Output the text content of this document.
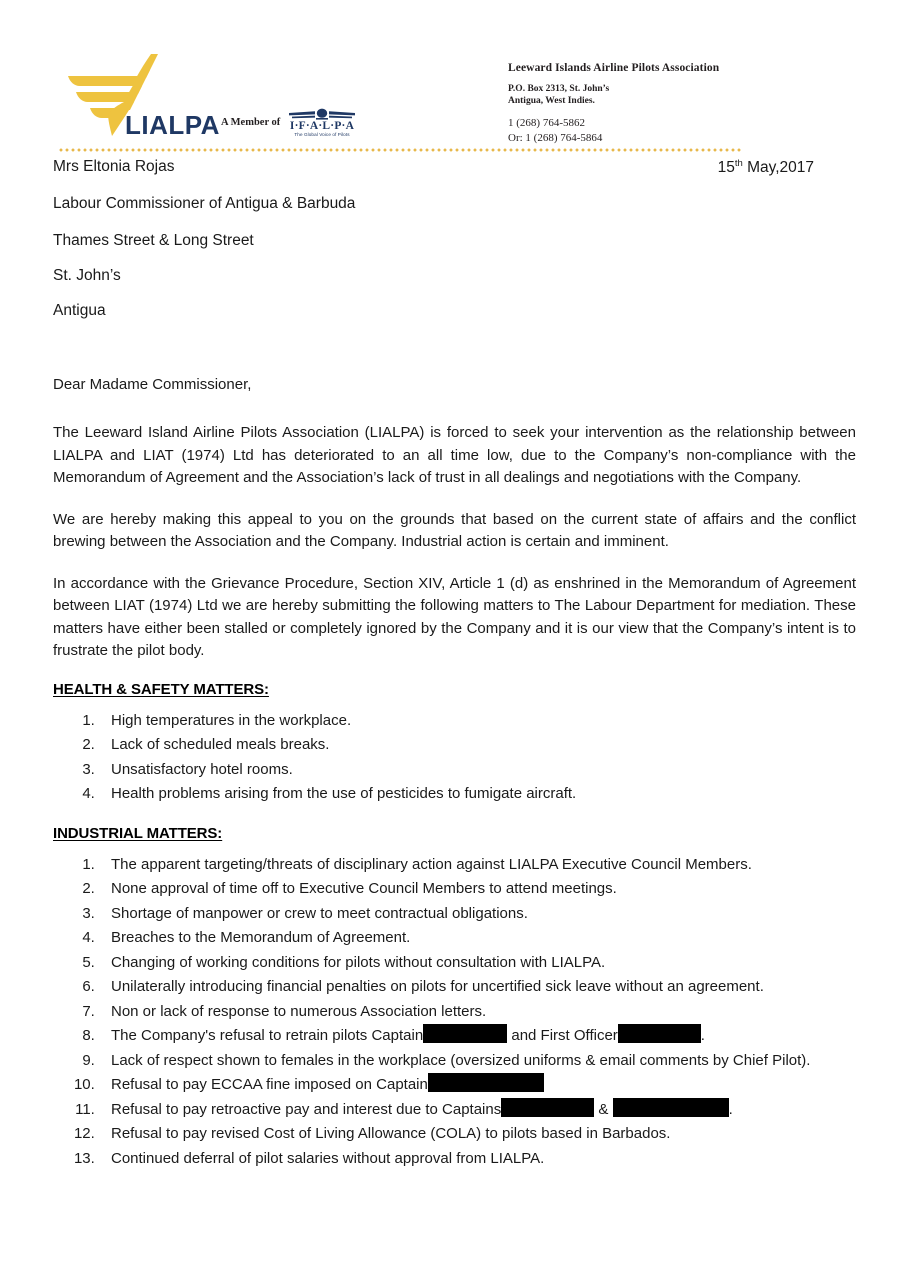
LIALPA A Member of I·F·A·L·P·A
The Global Voice of Pilots
Leeward Islands Airline Pilots Association
P.O. Box 2313, St. John’s
Antigua, West Indies.
1 (268) 764-5862
Or: 1 (268) 764-5864
Mrs Eltonia Rojas	15th May,2017
Labour Commissioner of Antigua & Barbuda
Thames Street & Long Street
St. John’s
Antigua
Dear Madame Commissioner,

The Leeward Island Airline Pilots Association (LIALPA) is forced to seek your intervention as the relationship between LIALPA and LIAT (1974) Ltd has deteriorated to an all time low, due to the Company’s non-compliance with the Memorandum of Agreement and the Association’s lack of trust in all dealings and negotiations with the Company.

We are hereby making this appeal to you on the grounds that based on the current state of affairs and the conflict brewing between the Association and the Company. Industrial action is certain and imminent.

In accordance with the Grievance Procedure, Section XIV, Article 1 (d) as enshrined in the Memorandum of Agreement between LIAT (1974) Ltd we are hereby submitting the following matters to The Labour Department for mediation. These matters have either been stalled or completely ignored by the Company and it is our view that the Company’s intent is to frustrate the pilot body.

HEALTH & SAFETY MATTERS:
1. High temperatures in the workplace.
2. Lack of scheduled meals breaks.
3. Unsatisfactory hotel rooms.
4. Health problems arising from the use of pesticides to fumigate aircraft.
INDUSTRIAL MATTERS:
1. The apparent targeting/threats of disciplinary action against LIALPA Executive Council Members.
2. None approval of time off to Executive Council Members to attend meetings.
3. Shortage of manpower or crew to meet contractual obligations.
4. Breaches to the Memorandum of Agreement.
5. Changing of working conditions for pilots without consultation with LIALPA.
6. Unilaterally introducing financial penalties on pilots for uncertified sick leave without an agreement.
7. Non or lack of response to numerous Association letters.
8. The Company's refusal to retrain pilots Captain	and First Officer	.
9. Lack of respect shown to females in the workplace (oversized uniforms & email comments by Chief Pilot).
10. Refusal to pay ECCAA fine imposed on Captain
11. Refusal to pay retroactive pay and interest due to Captains	&	.
12. Refusal to pay revised Cost of Living Allowance (COLA) to pilots based in Barbados.
13. Continued deferral of pilot salaries without approval from LIALPA.
